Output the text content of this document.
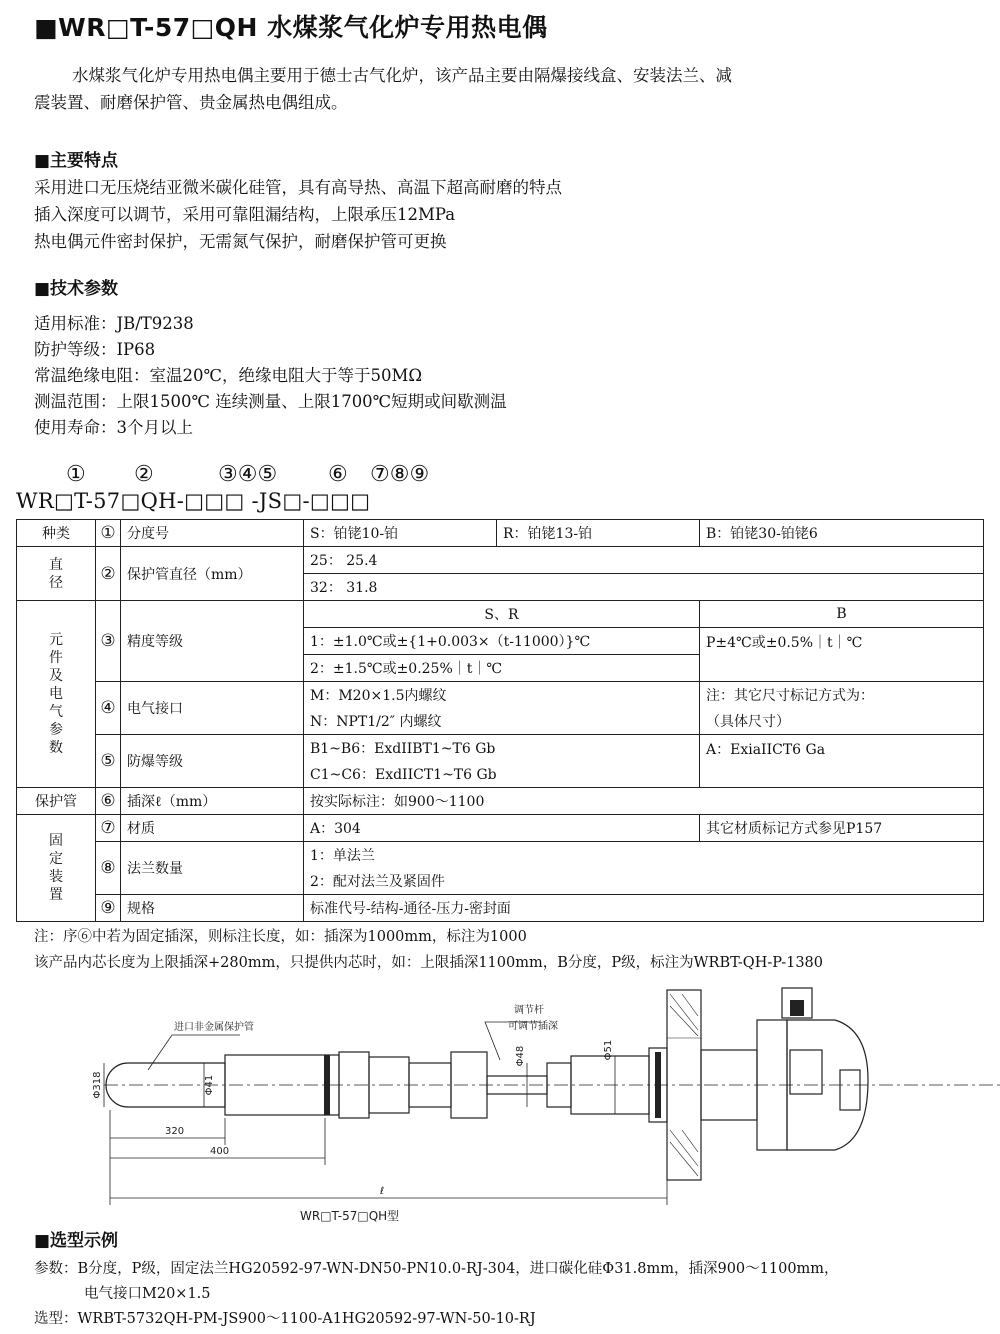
■WR□T-57□QH 水煤浆气化炉专用热电偶
水煤浆气化炉专用热电偶主要用于德士古气化炉，该产品主要由隔爆接线盒、安装法兰、减震装置、耐磨保护管、贵金属热电偶组成。
■主要特点
采用进口无压烧结亚微米碳化硅管，具有高导热、高温下超高耐磨的特点
插入深度可以调节，采用可靠阻漏结构，上限承压12MPa
热电偶元件密封保护，无需氮气保护，耐磨保护管可更换
■技术参数
适用标准：JB/T9238
防护等级：IP68
常温绝缘电阻：室温20℃，绝缘电阻大于等于50MΩ
测温范围：上限1500℃ 连续测量、上限1700℃短期或间歇测温
使用寿命：3个月以上
① ②	③④⑤ ⑥ ⑦⑧⑨
WR□T-57□QH-□□□ -JS□-□□□
种类	①	分度号	S：铂铑10-铂	R：铂铑13-铂	B：铂铑30-铂铑6
直径	②	保护管直径（mm）	25： 25.4		
			32： 31.8		
元件及电气参数	③	精度等级	S、R		B
			1：±1.0℃或±{1+0.003×（t-11000）}℃		P±4℃或±0.5%｜t｜℃
			2：±1.5℃或±0.25%｜t｜℃		
	④	电气接口	M：M20×1.5内螺纹		注：其它尺寸标记方式为：
			N：NPT1/2″ 内螺纹		（具体尺寸）
	⑤	防爆等级	B1~B6：ExdIIBT1~T6 Gb		A：ExiaIICT6 Ga
			C1~C6：ExdIICT1~T6 Gb		
保护管	⑥	插深ℓ（mm）	按实际标注：如900～1100		
固定装置	⑦	材质	A：304		其它材质标记方式参见P157
	⑧	法兰数量	1：单法兰		
			2：配对法兰及紧固件		
	⑨	规格	标准代号-结构-通径-压力-密封面		
注：序⑥中若为固定插深，则标注长度，如：插深为1000mm，标注为1000
该产品内芯长度为上限插深+280mm，只提供内芯时，如：上限插深1100mm，B分度，P级，标注为WRBT-QH-P-1380
进口非金属保护管
调节杆
可调节插深
Φ318	Φ41
Φ48	Φ51
320
400
ℓ
WR□T-57□QH型
■选型示例
参数：B分度，P级，固定法兰HG20592-97-WN-DN50-PN10.0-RJ-304，进口碳化硅Φ31.8mm，插深900～1100mm，
电气接口M20×1.5
选型：WRBT-5732QH-PM-JS900～1100-A1HG20592-97-WN-50-10-RJ
